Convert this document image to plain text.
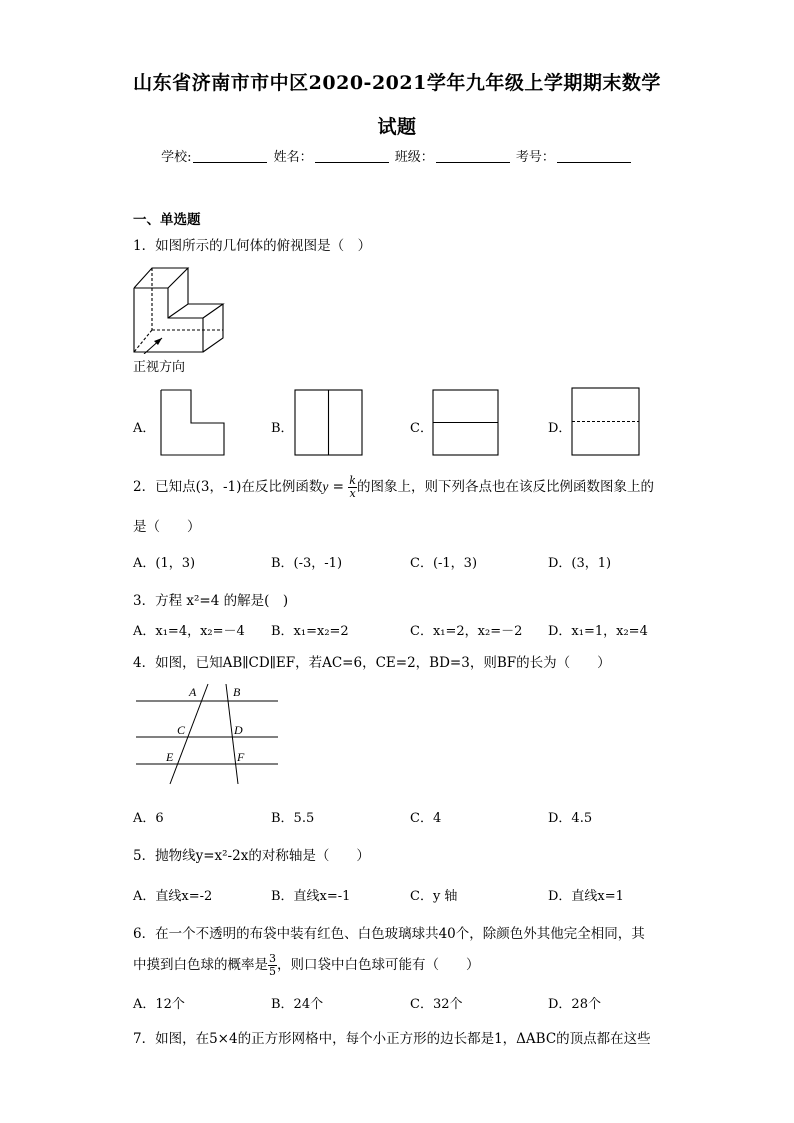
山东省济南市市中区2020-2021学年九年级上学期期末数学
试题
学校:	姓名：	班级：	考号：
一、单选题
1．如图所示的几何体的俯视图是（　）
正视方向
A．	B．	C．	D．
2．已知点(3，-1)在反比例函数$y = \frac{k}{x}$ 的图象上，则下列各点也在该反比例函数图象上的
是（　　）
A．(1，3)	B．(-3，-1)	C．(-1，3)	D．(3，1)
3．方程 x²=4 的解是(　)
A．x₁=4，x₂=－4 B．x₁=x₂=2	C．x₁=2，x₂=－2 D．x₁=1，x₂=4
4．如图，已知AB∥CD∥EF，若AC=6，CE=2，BD=3，则BF的长为（　　）
A	B
C	D
E	F
A．6	B．5.5	C．4	D．4.5
5．抛物线y=x²-2x的对称轴是（　　）
A．直线x=-2	B．直线x=-1	C．y 轴	D．直线x=1
6．在一个不透明的布袋中装有红色、白色玻璃球共40个，除颜色外其他完全相同，其
中摸到白色球的概率是 $\frac{3}{5}$ ，则口袋中白色球可能有（　　）
A．12个	B．24个	C．32个	D．28个
7．如图，在5×4的正方形网格中，每个小正方形的边长都是1，ΔABC的顶点都在这些
